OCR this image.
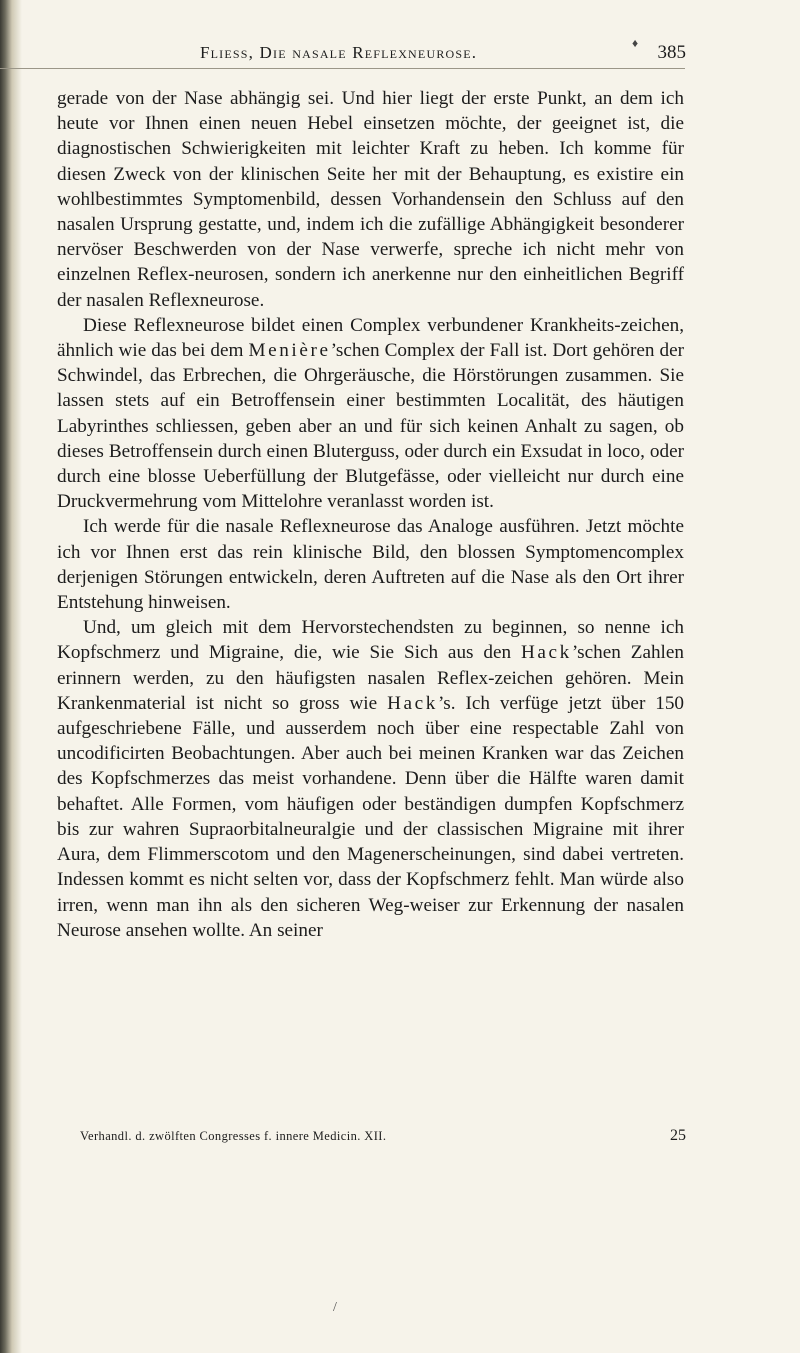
Fliess, Die nasale Reflexneurose.	385
♦

gerade von der Nase abhängig sei. Und hier liegt der erste Punkt, an dem ich heute vor Ihnen einen neuen Hebel einsetzen möchte, der geeignet ist, die diagnostischen Schwierigkeiten mit leichter Kraft zu heben. Ich komme für diesen Zweck von der klinischen Seite her mit der Behauptung, es existire ein wohlbestimmtes Symptomenbild, dessen Vorhandensein den Schluss auf den nasalen Ursprung gestatte, und, indem ich die zufällige Abhängigkeit besonderer nervöser Beschwerden von der Nase verwerfe, spreche ich nicht mehr von einzelnen Reflex-neurosen, sondern ich anerkenne nur den einheitlichen Begriff der nasalen Reflexneurose.

Diese Reflexneurose bildet einen Complex verbundener Krankheits-zeichen, ähnlich wie das bei dem Menière’schen Complex der Fall ist. Dort gehören der Schwindel, das Erbrechen, die Ohrgeräusche, die Hörstörungen zusammen. Sie lassen stets auf ein Betroffensein einer bestimmten Localität, des häutigen Labyrinthes schliessen, geben aber an und für sich keinen Anhalt zu sagen, ob dieses Betroffensein durch einen Bluterguss, oder durch ein Exsudat in loco, oder durch eine blosse Ueberfüllung der Blutgefässe, oder vielleicht nur durch eine Druckvermehrung vom Mittelohre veranlasst worden ist.

Ich werde für die nasale Reflexneurose das Analoge ausführen. Jetzt möchte ich vor Ihnen erst das rein klinische Bild, den blossen Symptomencomplex derjenigen Störungen entwickeln, deren Auftreten auf die Nase als den Ort ihrer Entstehung hinweisen.

Und, um gleich mit dem Hervorstechendsten zu beginnen, so nenne ich Kopfschmerz und Migraine, die, wie Sie Sich aus den Hack’schen Zahlen erinnern werden, zu den häufigsten nasalen Reflex-zeichen gehören. Mein Krankenmaterial ist nicht so gross wie Hack’s. Ich verfüge jetzt über 150 aufgeschriebene Fälle, und ausserdem noch über eine respectable Zahl von uncodificirten Beobachtungen. Aber auch bei meinen Kranken war das Zeichen des Kopfschmerzes das meist vorhandene. Denn über die Hälfte waren damit behaftet. Alle Formen, vom häufigen oder beständigen dumpfen Kopfschmerz bis zur wahren Supraorbitalneuralgie und der classischen Migraine mit ihrer Aura, dem Flimmerscotom und den Magenerscheinungen, sind dabei vertreten. Indessen kommt es nicht selten vor, dass der Kopfschmerz fehlt. Man würde also irren, wenn man ihn als den sicheren Weg-weiser zur Erkennung der nasalen Neurose ansehen wollte. An seiner

Verhandl. d. zwölften Congresses f. innere Medicin. XII.	25
/
